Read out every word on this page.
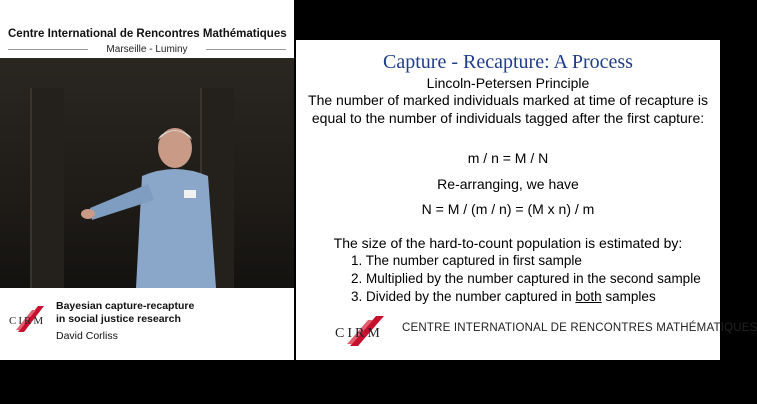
Centre International de Rencontres Mathématiques
Marseille - Luminy
CIRM
Bayesian capture-recapture
in social justice research
David Corliss
Capture - Recapture: A Process
Lincoln-Petersen Principle
The number of marked individuals marked at time of recapture is
equal to the number of individuals tagged after the first capture:
m / n = M / N
Re-arranging, we have
N = M / (m / n) = (M x n) / m
The size of the hard-to-count population is estimated by:
1. The number captured in first sample
2. Multiplied by the number captured in the second sample
3. Divided by the number captured in both samples
CIRM CENTRE INTERNATIONAL DE RENCONTRES MATHÉMATIQUES
